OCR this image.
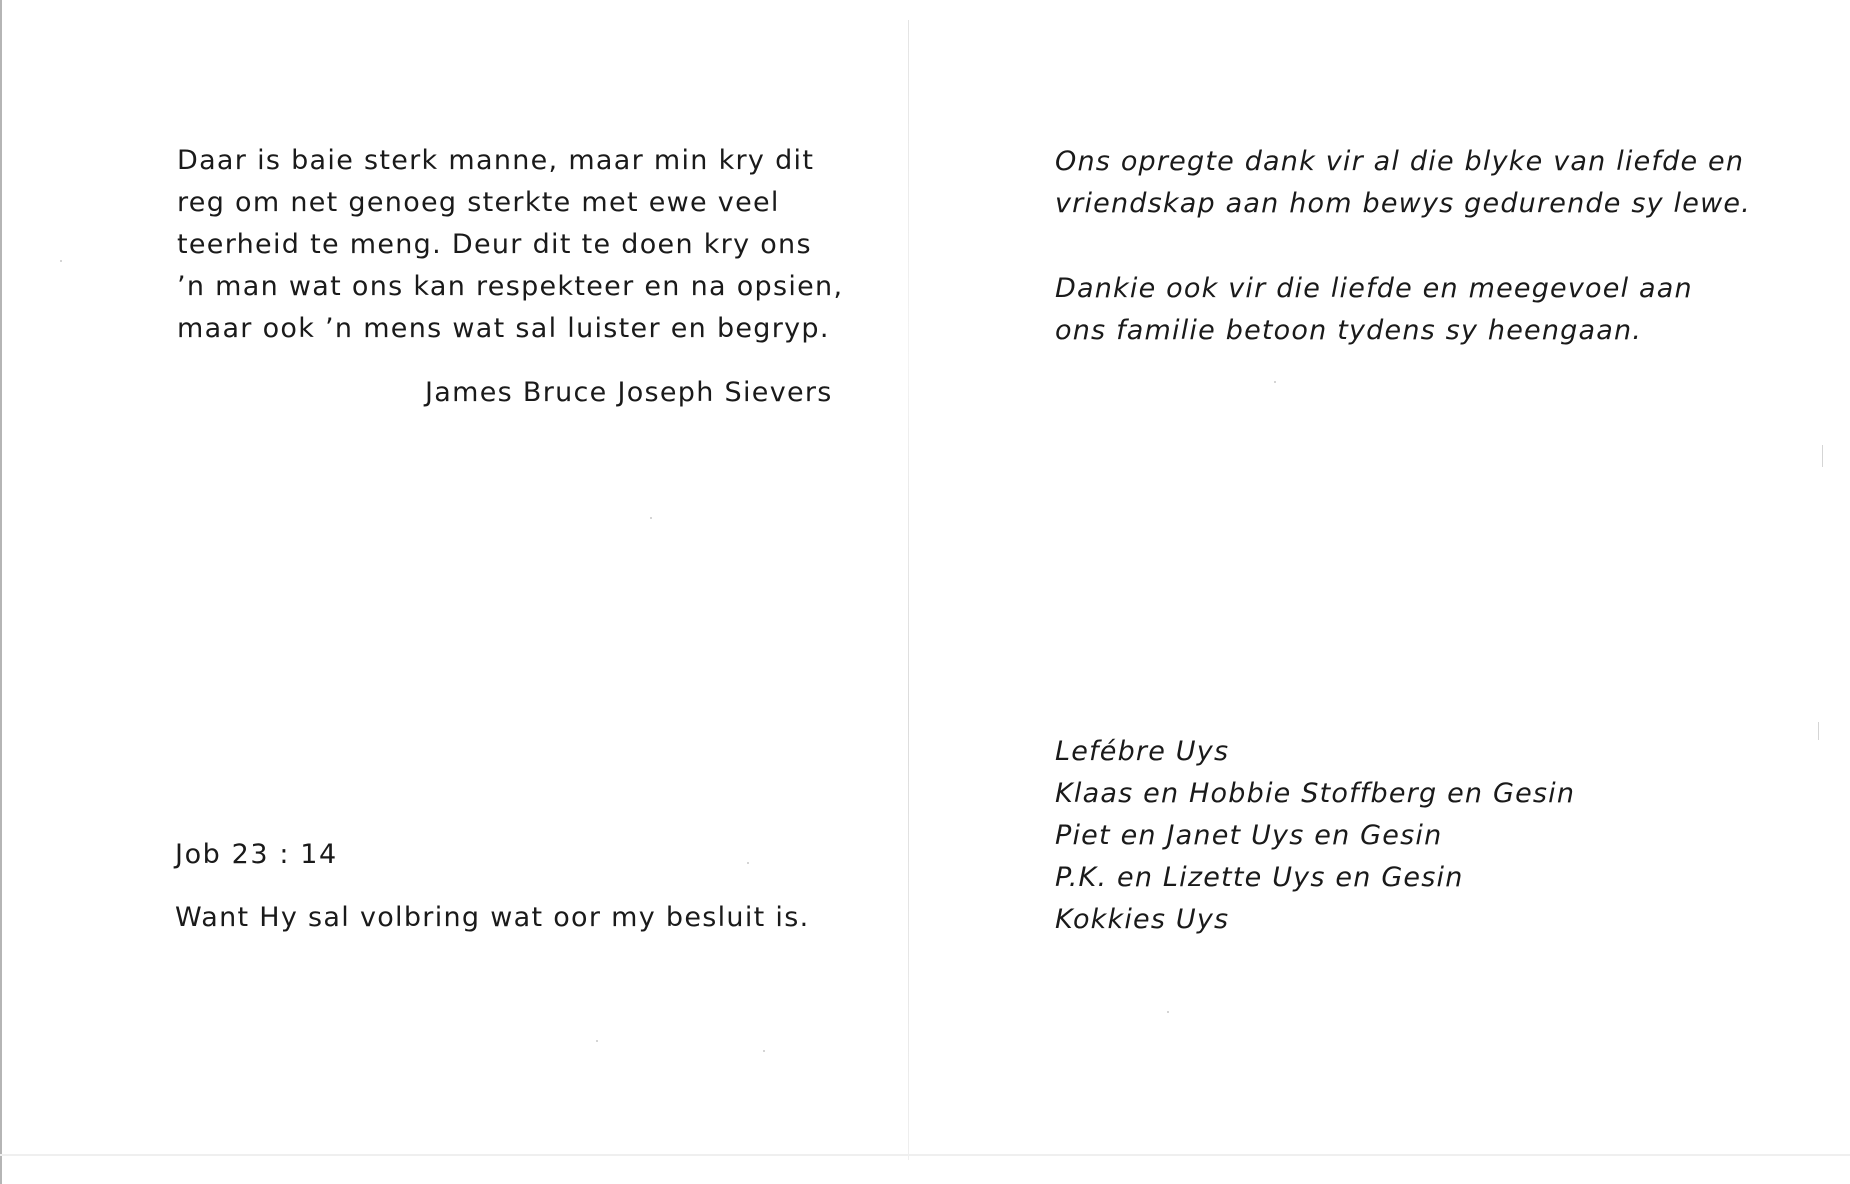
Daar is baie sterk manne, maar min kry dit
reg om net genoeg sterkte met ewe veel
teerheid te meng. Deur dit te doen kry ons
’n man wat ons kan respekteer en na opsien,
maar ook ’n mens wat sal luister en begryp.
James Bruce Joseph Sievers
Job 23 : 14
Want Hy sal volbring wat oor my besluit is.
Ons opregte dank vir al die blyke van liefde en
vriendskap aan hom bewys gedurende sy lewe.
Dankie ook vir die liefde en meegevoel aan
ons familie betoon tydens sy heengaan.
Lefébre Uys
Klaas en Hobbie Stoffberg en Gesin
Piet en Janet Uys en Gesin
P.K. en Lizette Uys en Gesin
Kokkies Uys
